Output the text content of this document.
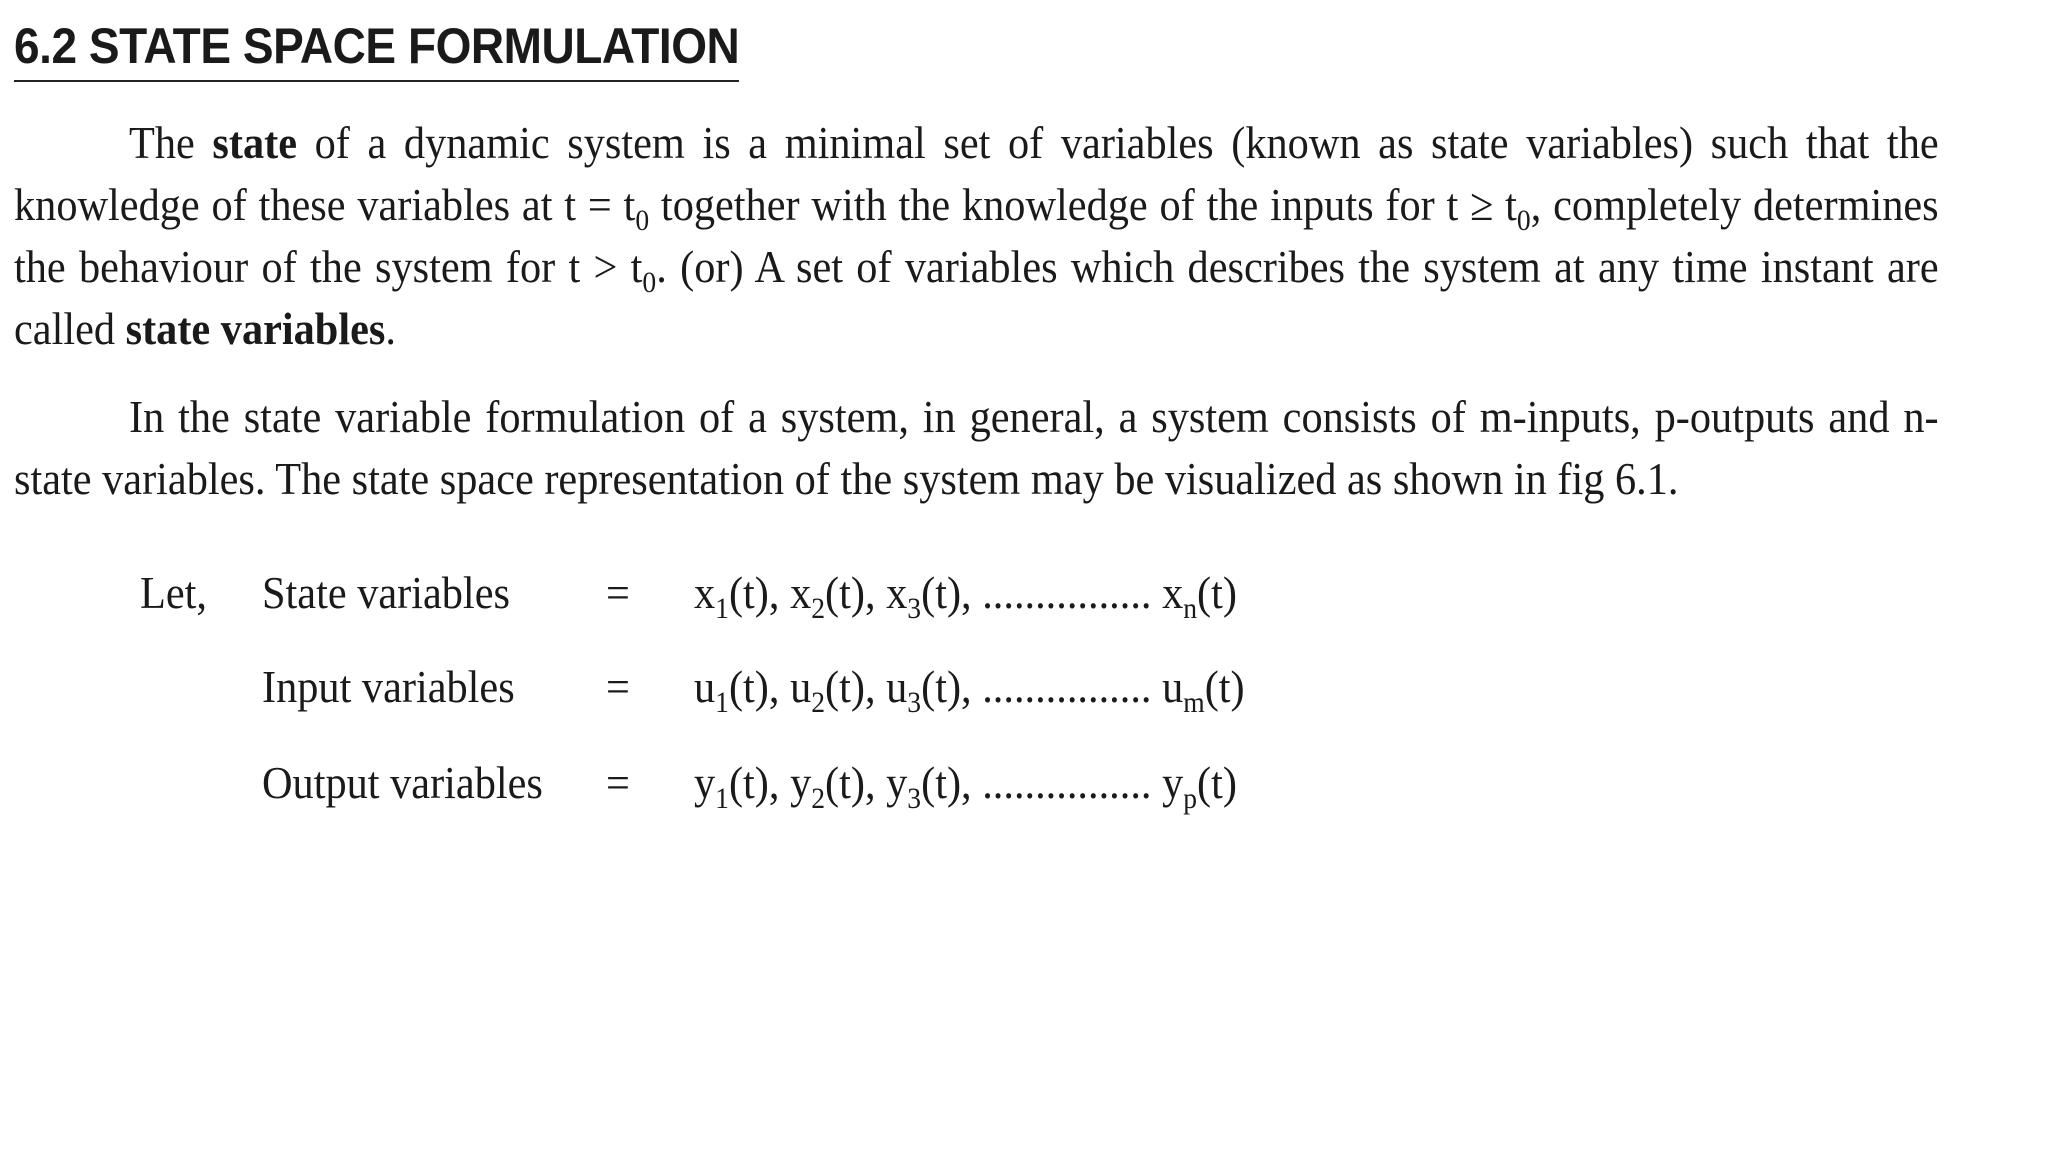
6.2 STATE SPACE FORMULATION

The state of a dynamic system is a minimal set of variables (known as state variables) such that the knowledge of these variables at $t = t_0$ together with the knowledge of the inputs for $t \ge t_0$, completely determines the behaviour of the system for $t > t_0$. (or) A set of variables which describes the system at any time instant are called state variables.

In the state variable formulation of a system, in general, a system consists of m-inputs, p-outputs and n-state variables. The state space representation of the system may be visualized as shown in fig 6.1.

Let, State variables = $x_1(t)$, $x_2(t)$, $x_3(t)$, ................ $x_n(t)$
Input variables = $u_1(t)$, $u_2(t)$, $u_3(t)$, ................ $u_m(t)$
Output variables = $y_1(t)$, $y_2(t)$, $y_3(t)$, ................ $y_p(t)$
